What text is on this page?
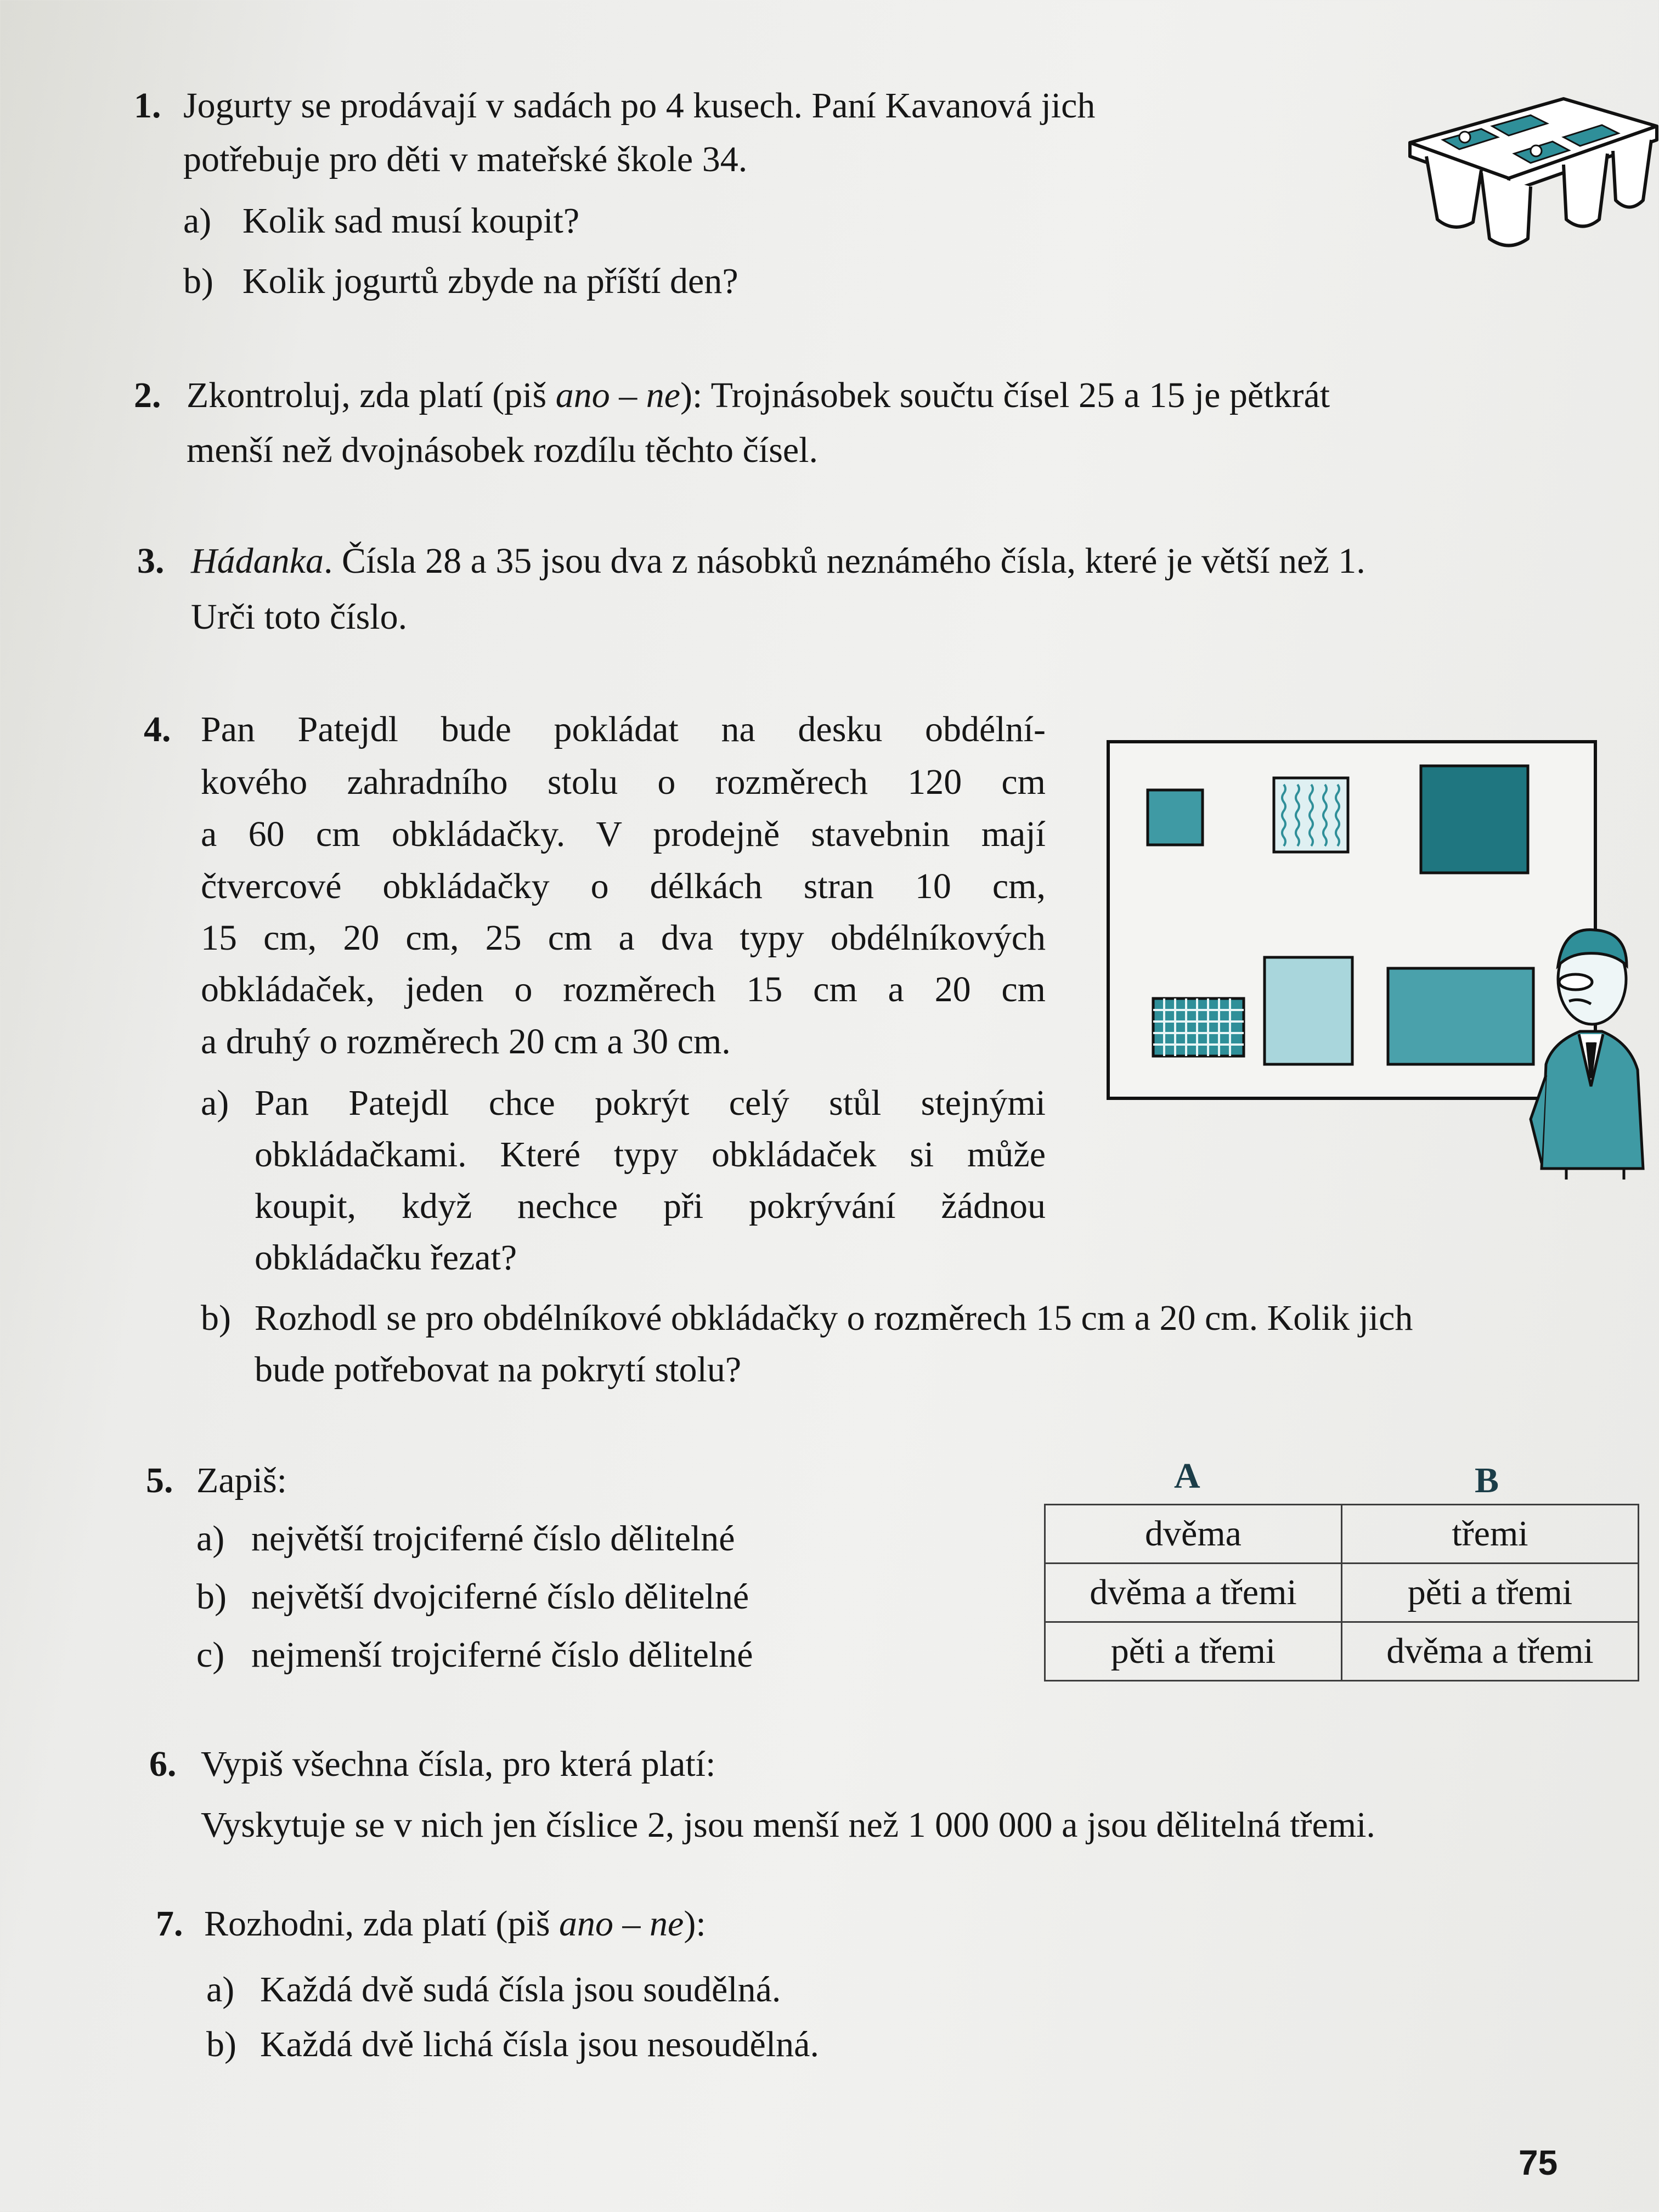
1. Jogurty se prodávají v sadách po 4 kusech. Paní Kavanová jich
potřebuje pro děti v mateřské škole 34.
a) Kolik sad musí koupit?
b) Kolik jogurtů zbyde na příští den?
2. Zkontroluj, zda platí (piš ano – ne ): Trojnásobek součtu čísel 25 a 15 je pětkrát
menší než dvojnásobek rozdílu těchto čísel.
3. Hádanka. Čísla 28 a 35 jsou dva z násobků neznámého čísla, které je větší než 1.
Urči toto číslo.
4. Pan Patejdl bude pokládat na desku obdélní-
kového zahradního stolu o rozměrech 120 cm
a 60 cm obkládačky. V prodejně stavebnin mají
čtvercové obkládačky o délkách stran 10 cm,
15 cm, 20 cm, 25 cm a dva typy obdélníkových
obkládaček, jeden o rozměrech 15 cm a 20 cm
a druhý o rozměrech 20 cm a 30 cm.
a) Pan Patejdl chce pokrýt celý stůl stejnými
obkládačkami. Které typy obkládaček si může
koupit, když nechce při pokrývání žádnou
obkládačku řezat?
b) Rozhodl se pro obdélníkové obkládačky o rozměrech 15 cm a 20 cm. Kolik jich
bude potřebovat na pokrytí stolu?
5. Zapiš:
a) největší trojciferné číslo dělitelné
b) největší dvojciferné číslo dělitelné
c) nejmenší trojciferné číslo dělitelné
A	B
dvěma	třemi
dvěma a třemi	pěti a třemi
pěti a třemi	dvěma a třemi
6. Vypiš všechna čísla, pro která platí:
Vyskytuje se v nich jen číslice 2, jsou menší než 1 000 000 a jsou dělitelná třemi.
7. Rozhodni, zda platí (piš ano – ne):
a) Každá dvě sudá čísla jsou soudělná.
b) Každá dvě lichá čísla jsou nesoudělná.
75
